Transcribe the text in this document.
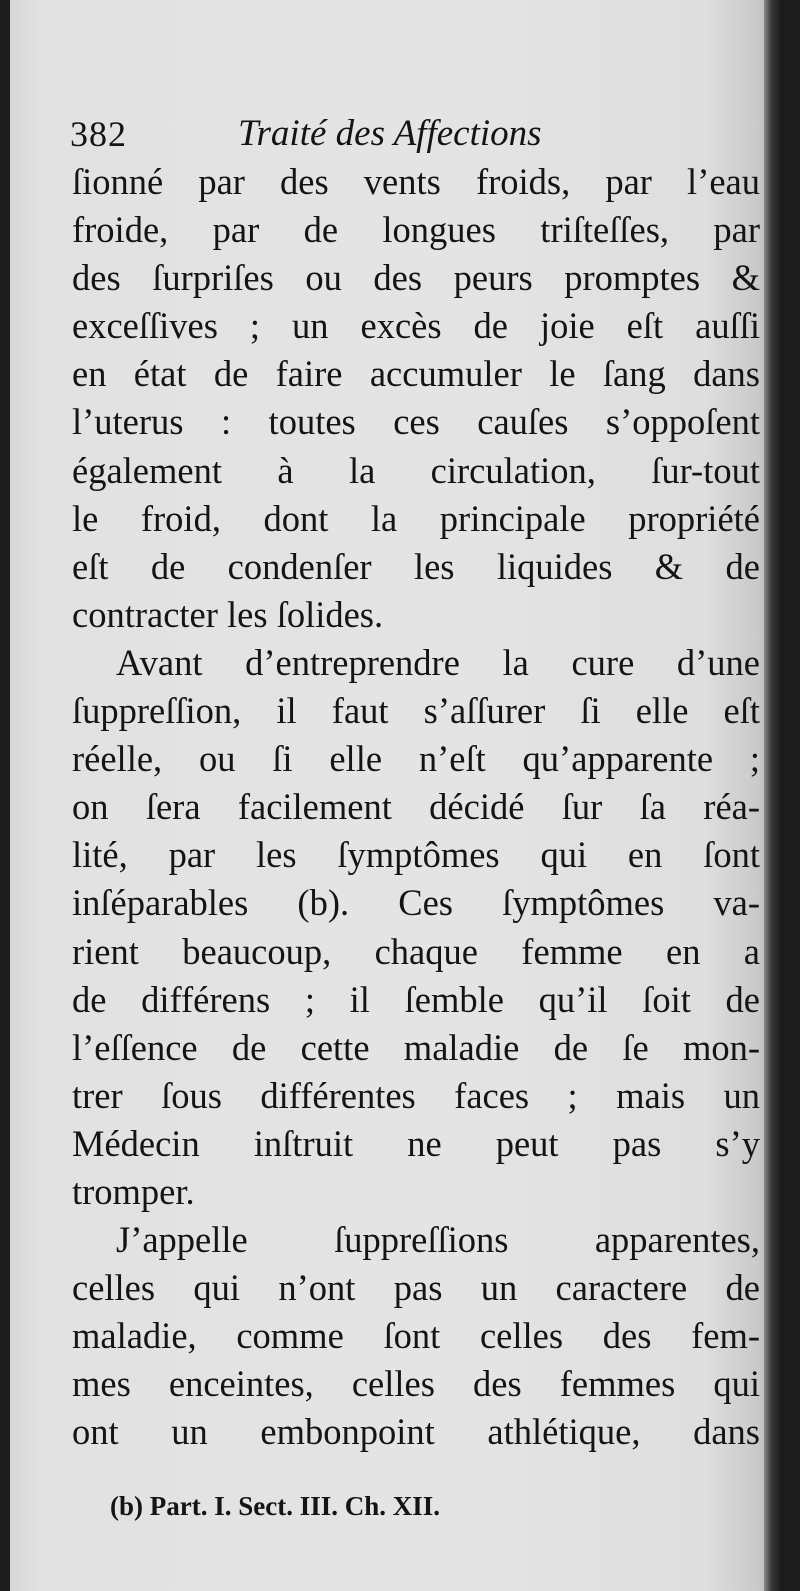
382	Traité des Affections
ſionné par des vents froids, par l’eau
froide, par de longues triſteſſes, par
des ſurpriſes ou des peurs promptes &
exceſſives ; un excès de joie eſt auſſi
en état de faire accumuler le ſang dans
l’uterus : toutes ces cauſes s’oppoſent
également à la circulation, ſur-tout
le froid, dont la principale propriété
eſt de condenſer les liquides & de
contracter les ſolides.
Avant d’entreprendre la cure d’une
ſuppreſſion, il faut s’aſſurer ſi elle eſt
réelle, ou ſi elle n’eſt qu’apparente ;
on ſera facilement décidé ſur ſa réa-
lité, par les ſymptômes qui en ſont
inſéparables (b). Ces ſymptômes va-
rient beaucoup, chaque femme en a
de différens ; il ſemble qu’il ſoit de
l’eſſence de cette maladie de ſe mon-
trer ſous différentes faces ; mais un
Médecin inſtruit ne peut pas s’y
tromper.
J’appelle ſuppreſſions apparentes,
celles qui n’ont pas un caractere de
maladie, comme ſont celles des fem-
mes enceintes, celles des femmes qui
ont un embonpoint athlétique, dans
(b) Part. I. Sect. III. Ch. XII.
